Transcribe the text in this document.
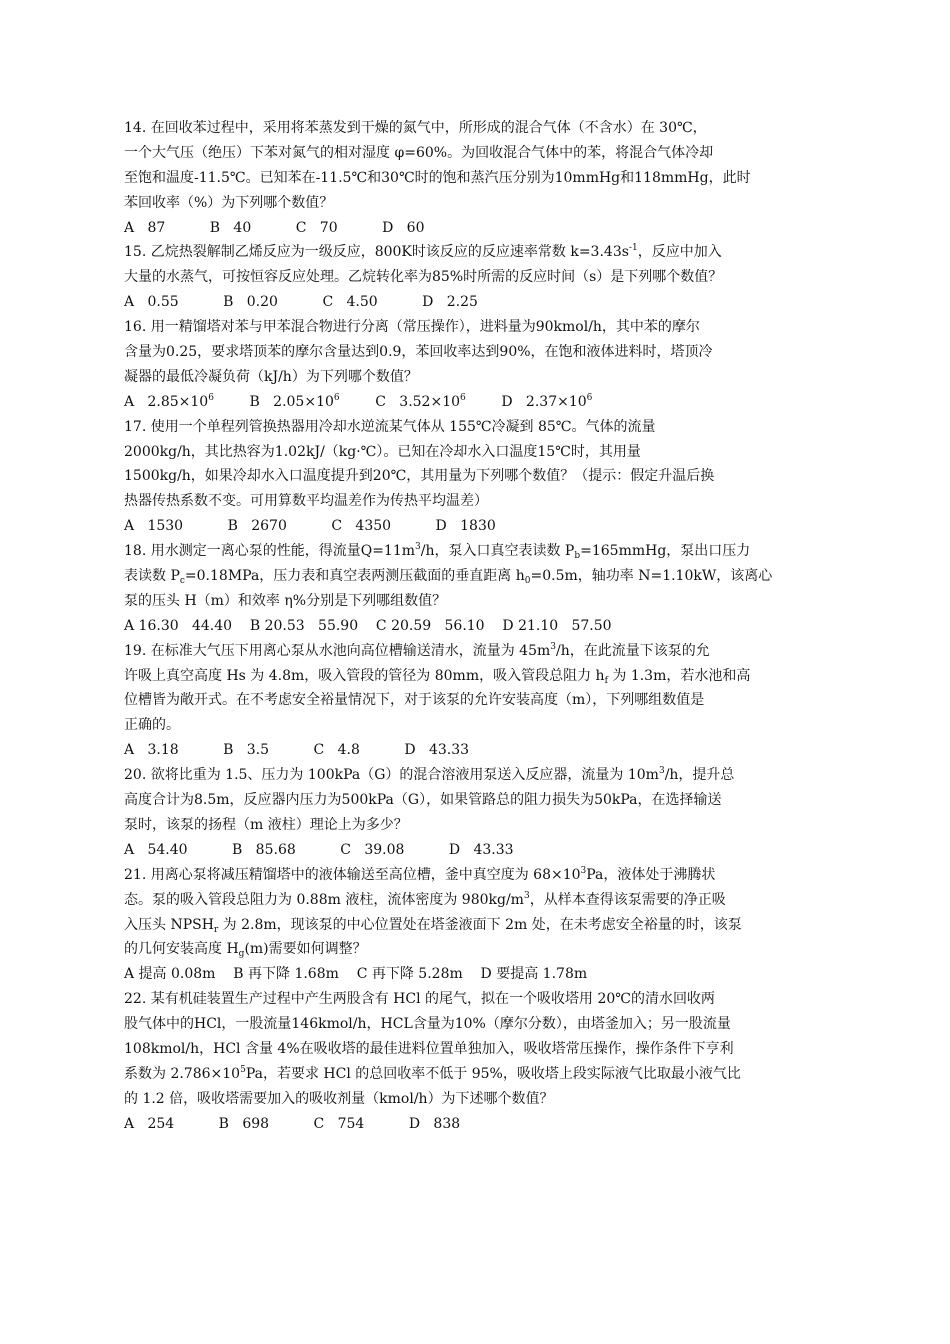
14. 在回收苯过程中，采用将苯蒸发到干燥的氮气中，所形成的混合气体（不含水）在 30℃，
一个大气压（绝压）下苯对氮气的相对湿度 φ=60%。为回收混合气体中的苯，将混合气体冷却
至饱和温度-11.5℃。已知苯在-11.5℃和30℃时的饱和蒸汽压分别为10mmHg和118mmHg，此时
苯回收率（%）为下列哪个数值？
A   87          B   40          C   70          D   60
15. 乙烷热裂解制乙烯反应为一级反应，800K时该反应的反应速率常数 $k=3.43s^{-1}$，反应中加入
大量的水蒸气，可按恒容反应处理。乙烷转化率为85%时所需的反应时间（s）是下列哪个数值？
A   0.55          B   0.20          C   4.50          D   2.25
16. 用一精馏塔对苯与甲苯混合物进行分离（常压操作），进料量为90kmol/h，其中苯的摩尔
含量为0.25，要求塔顶苯的摩尔含量达到0.9，苯回收率达到90%，在饱和液体进料时，塔顶冷
凝器的最低冷凝负荷（kJ/h）为下列哪个数值？
A   $2.85\times 10^6$        B   $2.05\times 10^6$        C   $3.52\times 10^6$        D   $2.37\times 10^6$
17. 使用一个单程列管换热器用冷却水逆流某气体从 155℃冷凝到 85℃。气体的流量
2000kg/h，其比热容为1.02kJ/（kg·℃）。已知在冷却水入口温度15℃时，其用量
1500kg/h，如果冷却水入口温度提升到20℃，其用量为下列哪个数值？（提示：假定升温后换
热器传热系数不变。可用算数平均温差作为传热平均温差）
A   1530          B   2670          C   4350          D   1830
18. 用水测定一离心泵的性能，得流量$Q=11m^3/h$，泵入口真空表读数 $P_b=165mmHg$，泵出口压力
表读数 $P_c=0.18MPa$，压力表和真空表两测压截面的垂直距离 $h_0=0.5m$，轴功率 N=1.10kW，该离心
泵的压头 H（m）和效率 η%分别是下列哪组数值？
A 16.30   44.40    B 20.53   55.90    C 20.59   56.10    D 21.10   57.50
19. 在标准大气压下用离心泵从水池向高位槽输送清水，流量为 $45m^3/h$，在此流量下该泵的允
许吸上真空高度 Hs 为 4.8m，吸入管段的管径为 80mm，吸入管段总阻力 $h_f$ 为 1.3m，若水池和高
位槽皆为敞开式。在不考虑安全裕量情况下，对于该泵的允许安装高度（m），下列哪组数值是
正确的。
A   3.18          B   3.5          C   4.8          D   43.33
20. 欲将比重为 1.5、压力为 100kPa（G）的混合溶液用泵送入反应器，流量为 $10m^3/h$，提升总
高度合计为8.5m，反应器内压力为500kPa（G），如果管路总的阻力损失为50kPa，在选择输送
泵时，该泵的扬程（m 液柱）理论上为多少？
A   54.40          B   85.68          C   39.08          D   43.33
21. 用离心泵将减压精馏塔中的液体输送至高位槽，釜中真空度为 $68\times 10^3Pa$，液体处于沸腾状
态。泵的吸入管段总阻力为 0.88m 液柱，流体密度为 $980kg/m^3$，从样本查得该泵需要的净正吸
入压头 $NPSH_r$ 为 2.8m，现该泵的中心位置处在塔釜液面下 2m 处，在未考虑安全裕量的时，该泵
的几何安装高度 $H_g(m)$需要如何调整？
A 提高 0.08m    B 再下降 1.68m    C 再下降 5.28m    D 要提高 1.78m
22. 某有机硅装置生产过程中产生两股含有 HCl 的尾气，拟在一个吸收塔用 20℃的清水回收两
股气体中的HCl，一股流量146kmol/h，HCL含量为10%（摩尔分数），由塔釜加入；另一股流量
108kmol/h，HCl 含量 4%在吸收塔的最佳进料位置单独加入，吸收塔常压操作，操作条件下亨利
系数为 $2.786\times 10^5Pa$，若要求 HCl 的总回收率不低于 95%，吸收塔上段实际液气比取最小液气比
的 1.2 倍，吸收塔需要加入的吸收剂量（kmol/h）为下述哪个数值？
A   254          B   698          C   754          D   838
